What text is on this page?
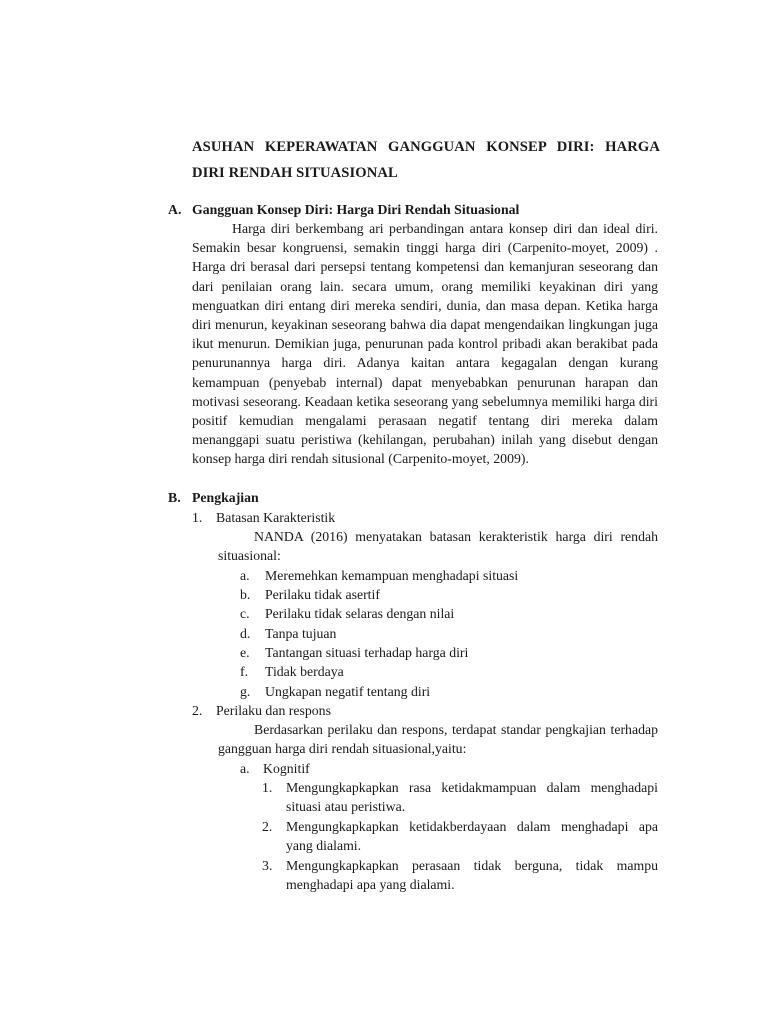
ASUHAN KEPERAWATAN GANGGUAN KONSEP DIRI: HARGA
DIRI RENDAH SITUASIONAL
A. Gangguan Konsep Diri: Harga Diri Rendah Situasional

Harga diri berkembang ari perbandingan antara konsep diri dan ideal diri. Semakin besar kongruensi, semakin tinggi harga diri (Carpenito-moyet, 2009) . Harga dri berasal dari persepsi tentang kompetensi dan kemanjuran seseorang dan dari penilaian orang lain. secara umum, orang memiliki keyakinan diri yang menguatkan diri entang diri mereka sendiri, dunia, dan masa depan. Ketika harga diri menurun, keyakinan seseorang bahwa dia dapat mengendaikan lingkungan juga ikut menurun. Demikian juga, penurunan pada kontrol pribadi akan berakibat pada penurunannya harga diri. Adanya kaitan antara kegagalan dengan kurang kemampuan (penyebab internal) dapat menyebabkan penurunan harapan dan motivasi seseorang. Keadaan ketika seseorang yang sebelumnya memiliki harga diri positif kemudian mengalami perasaan negatif tentang diri mereka dalam menanggapi suatu peristiwa (kehilangan, perubahan) inilah yang disebut dengan konsep harga diri rendah situsional (Carpenito-moyet, 2009).

B. Pengkajian
1. Batasan Karakteristik

NANDA (2016) menyatakan batasan kerakteristik harga diri rendah situasional:

a. Meremehkan kemampuan menghadapi situasi
b. Perilaku tidak asertif
c. Perilaku tidak selaras dengan nilai
d. Tanpa tujuan
e. Tantangan situasi terhadap harga diri
f. Tidak berdaya
g. Ungkapan negatif tentang diri
2. Perilaku dan respons

Berdasarkan perilaku dan respons, terdapat standar pengkajian terhadap gangguan harga diri rendah situasional,yaitu:

a. Kognitif
1. Mengungkapkapkan rasa ketidakmampuan dalam menghadapi situasi atau peristiwa.
2. Mengungkapkapkan ketidakberdayaan dalam menghadapi apa yang dialami.
3. Mengungkapkapkan perasaan tidak berguna, tidak mampu menghadapi apa yang dialami.
